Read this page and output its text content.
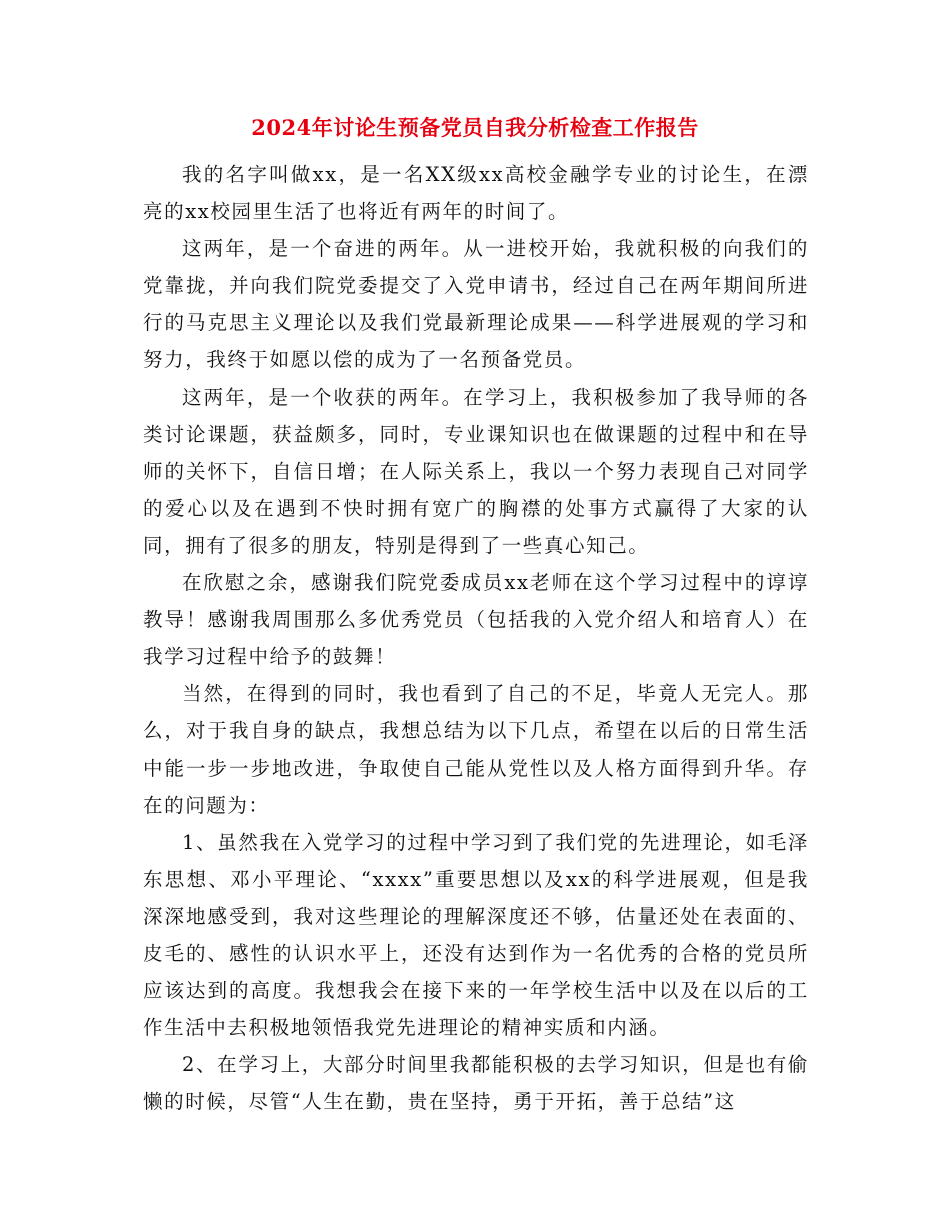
2024年讨论生预备党员自我分析检查工作报告

我的名字叫做xx，是一名XX级xx高校金融学专业的讨论生，在漂亮的xx校园里生活了也将近有两年的时间了。

这两年，是一个奋进的两年。从一进校开始，我就积极的向我们的党靠拢，并向我们院党委提交了入党申请书，经过自己在两年期间所进行的马克思主义理论以及我们党最新理论成果——科学进展观的学习和努力，我终于如愿以偿的成为了一名预备党员。

这两年，是一个收获的两年。在学习上，我积极参加了我导师的各类讨论课题，获益颇多，同时，专业课知识也在做课题的过程中和在导师的关怀下，自信日增；在人际关系上，我以一个努力表现自己对同学的爱心以及在遇到不快时拥有宽广的胸襟的处事方式赢得了大家的认同，拥有了很多的朋友，特别是得到了一些真心知己。

在欣慰之余，感谢我们院党委成员xx老师在这个学习过程中的谆谆教导！感谢我周围那么多优秀党员（包括我的入党介绍人和培育人）在我学习过程中给予的鼓舞！

当然，在得到的同时，我也看到了自己的不足，毕竟人无完人。那么，对于我自身的缺点，我想总结为以下几点，希望在以后的日常生活中能一步一步地改进，争取使自己能从党性以及人格方面得到升华。存在的问题为：

1、虽然我在入党学习的过程中学习到了我们党的先进理论，如毛泽东思想、邓小平理论、“xxxx”重要思想以及xx的科学进展观，但是我深深地感受到，我对这些理论的理解深度还不够，估量还处在表面的、皮毛的、感性的认识水平上，还没有达到作为一名优秀的合格的党员所应该达到的高度。我想我会在接下来的一年学校生活中以及在以后的工作生活中去积极地领悟我党先进理论的精神实质和内涵。

2、在学习上，大部分时间里我都能积极的去学习知识，但是也有偷懒的时候，尽管“人生在勤，贵在坚持，勇于开拓，善于总结”这
